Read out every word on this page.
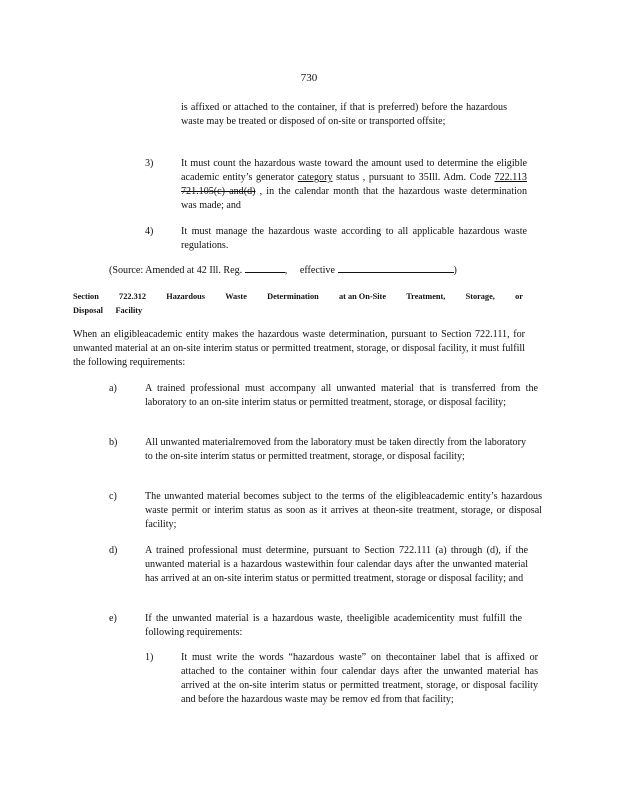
730
is affixed or attached to the container, if that is preferred) before the hazardous waste may be treated or disposed of on-site or transported offsite;
3)	It must count the hazardous waste toward the amount used to determine the eligible academic entity’s generator category status , pursuant to 35Ill. Adm. Code 722.113 721.105(c) and(d) , in the calendar month that the hazardous waste determination was made; and
4)	It must manage the hazardous waste according to all applicable hazardous waste regulations.
(Source: Amended at 42 Ill. Reg.	, effective	)
Section 722.312 Hazardous Waste Determination at an On-Site Treatment, Storage, or
Disposal Facility
When an eligibleacademic entity makes the hazardous waste determination, pursuant to Section 722.111, for unwanted material at an on-site interim status or permitted treatment, storage, or disposal facility, it must fulfill the following requirements:
a)	A trained professional must accompany all unwanted material that is transferred from the laboratory to an on-site interim status or permitted treatment, storage, or disposal facility;
b)	All unwanted materialremoved from the laboratory must be taken directly from the laboratory to the on-site interim status or permitted treatment, storage, or disposal facility;
c)	The unwanted material becomes subject to the terms of the eligibleacademic entity’s hazardous waste permit or interim status as soon as it arrives at theon-site treatment, storage, or disposal facility;
d)	A trained professional must determine, pursuant to Section 722.111 (a) through (d), if the unwanted material is a hazardous wastewithin four calendar days after the unwanted material has arrived at an on-site interim status or permitted treatment, storage or disposal facility; and
e)	If the unwanted material is a hazardous waste, theeligible academicentity must fulfill the following requirements:
1)	It must write the words “hazardous waste” on thecontainer label that is affixed or attached to the container within four calendar days after the unwanted material has arrived at the on-site interim status or permitted treatment, storage, or disposal facility and before the hazardous waste may be remov ed from that facility;
